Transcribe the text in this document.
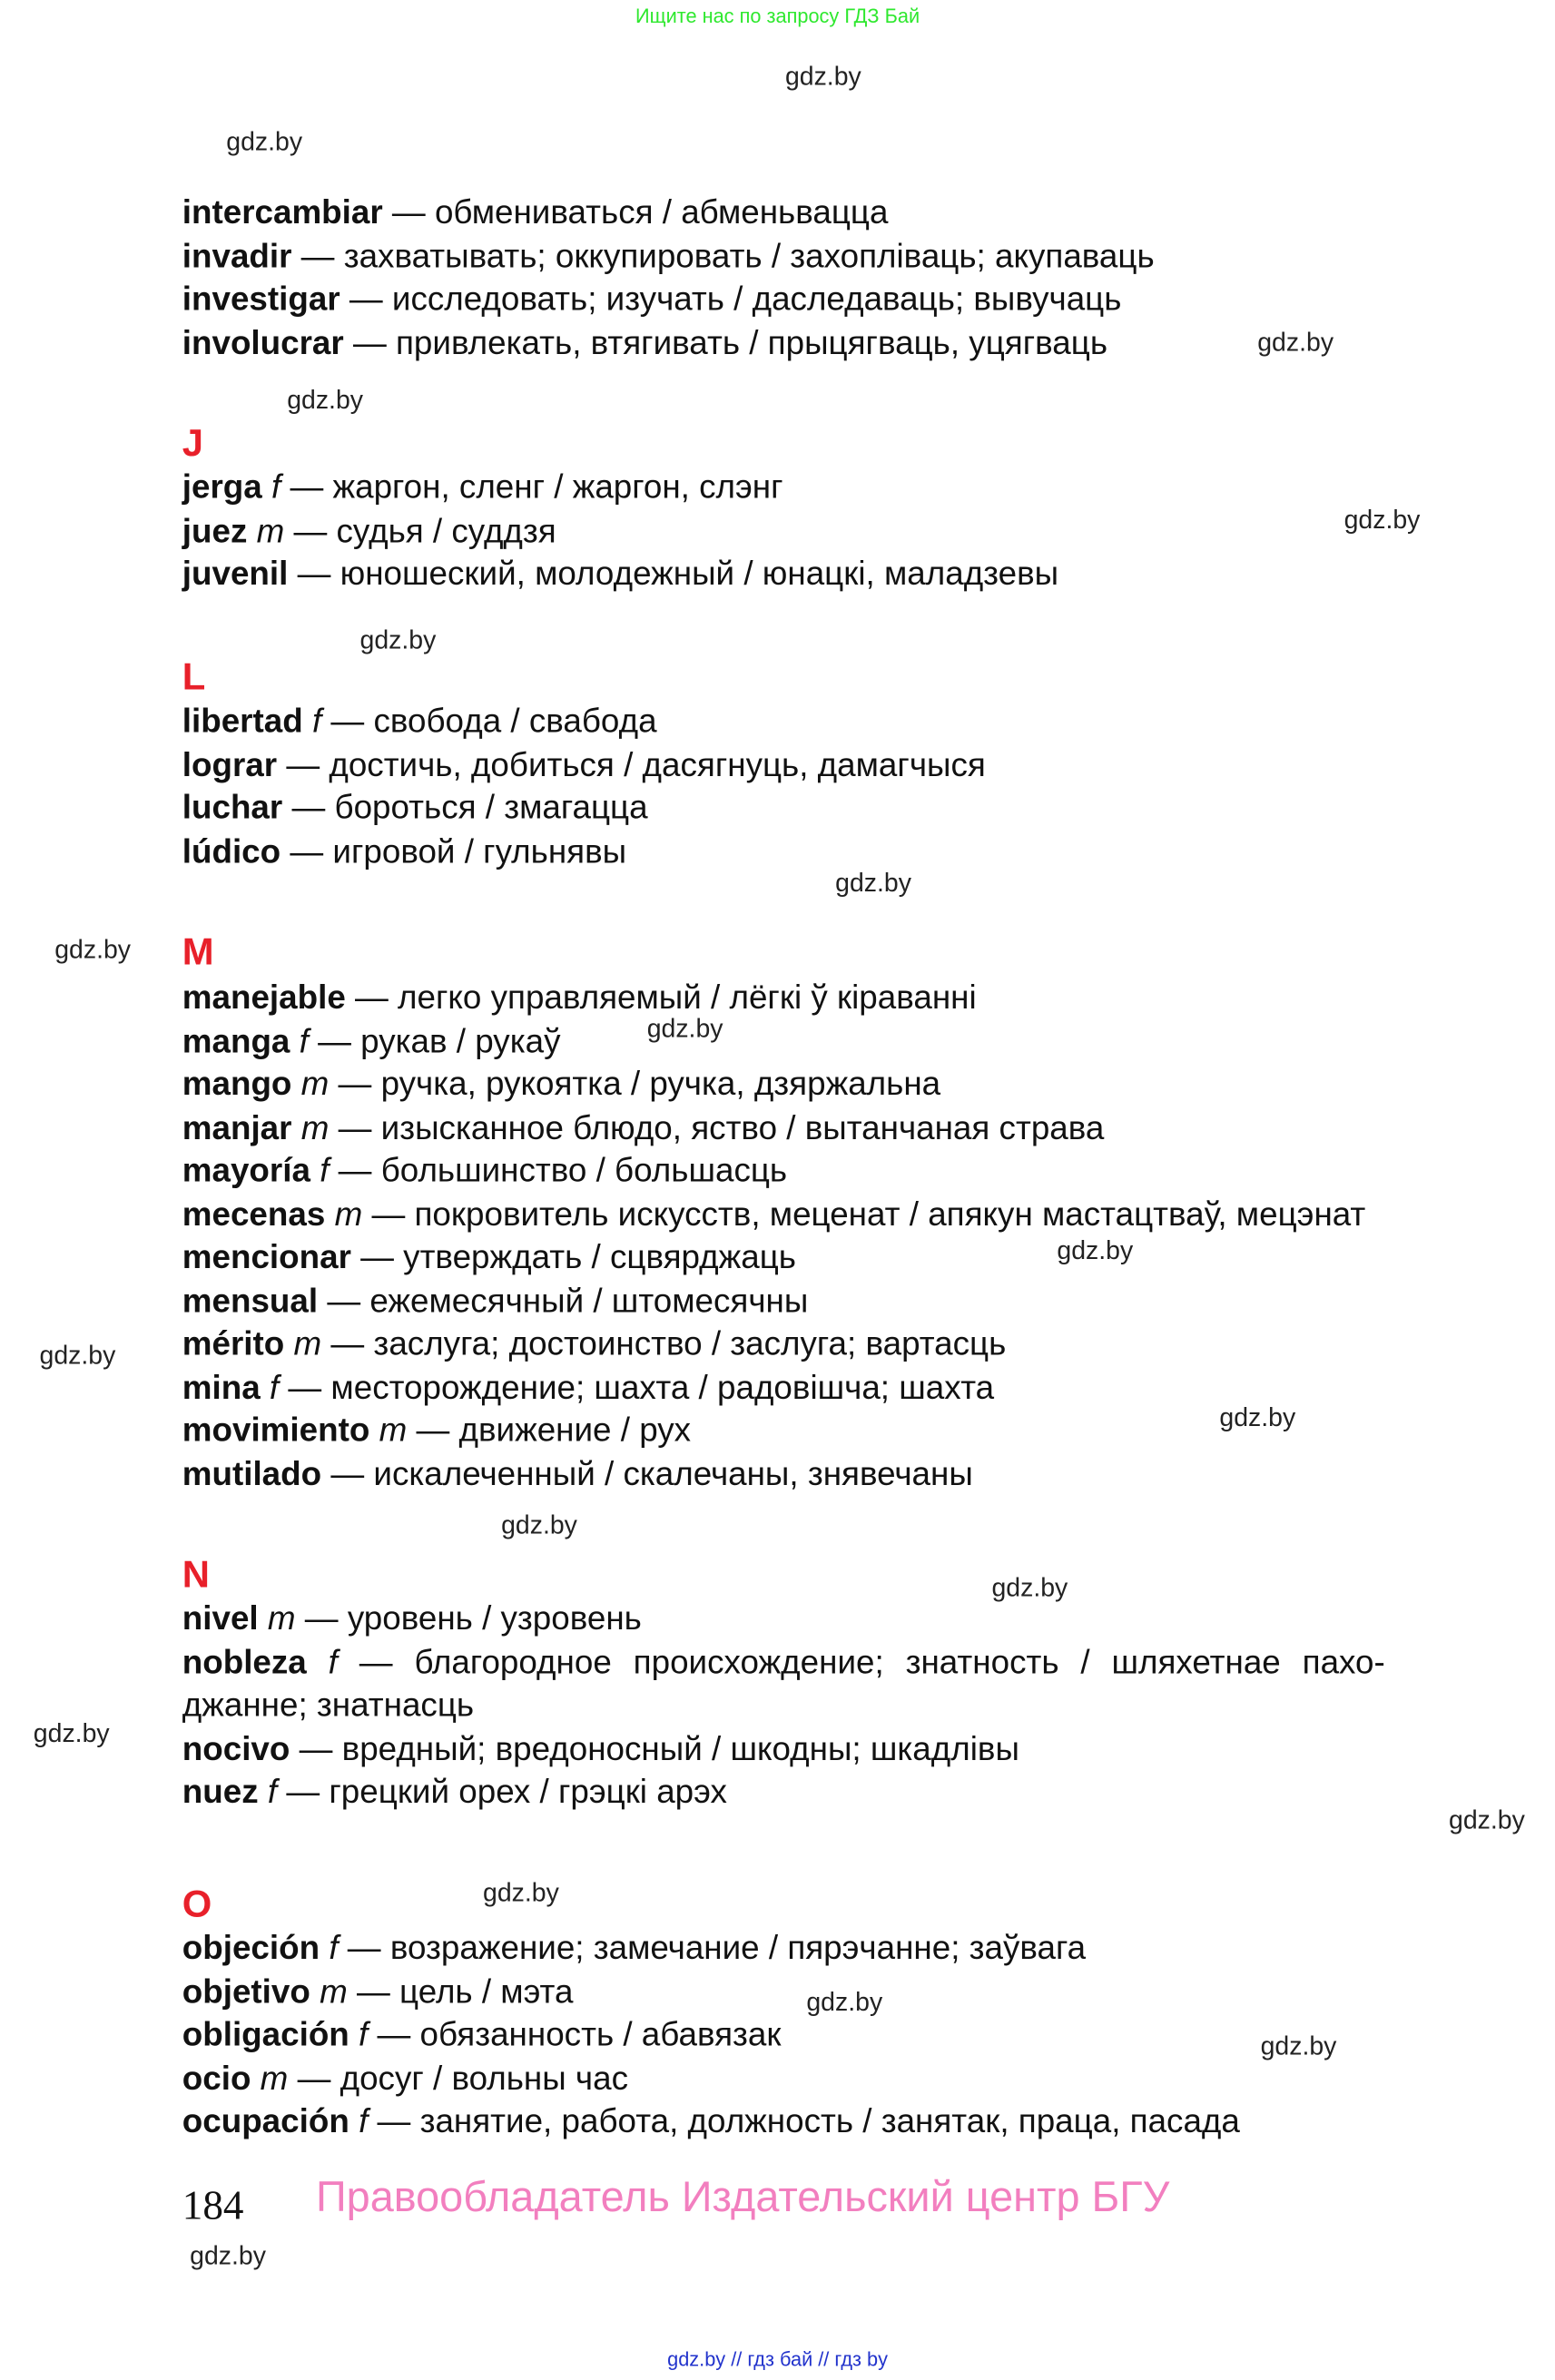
Ищите нас по запросу ГДЗ Бай
gdz.by
gdz.by
gdz.by
gdz.by
gdz.by
gdz.by
gdz.by
gdz.by
gdz.by
gdz.by
gdz.by
gdz.by
gdz.by
gdz.by
gdz.by
gdz.by
gdz.by
gdz.by
gdz.by
gdz.by
intercambiar — обмениваться / абменьвацца
invadir — захватывать; оккупировать / захопліваць; акупаваць
investigar — исследовать; изучать / даследаваць; вывучаць
involucrar — привлекать, втягивать / прыцягваць, уцягваць
J
jerga f — жаргон, сленг / жаргон, слэнг
juez m — судья / суддзя
juvenil — юношеский, молодежный / юнацкі, маладзевы
L
libertad f — свобода / свабода
lograr — достичь, добиться / дасягнуць, дамагчыся
luchar — бороться / змагацца
lúdico — игровой / гульнявы
M
manejable — легко управляемый / лёгкі ў кіраванні
manga f — рукав / рукаў
mango m — ручка, рукоятка / ручка, дзяржальна
manjar m — изысканное блюдо, яство / вытанчаная страва
mayoría f — большинство / большасць
mecenas m — покровитель искусств, меценат / апякун мастацтваў, мецэнат
mencionar — утверждать / сцвярджаць
mensual — ежемесячный / штомесячны
mérito m — заслуга; достоинство / заслуга; вартасць
mina f — месторождение; шахта / радовішча; шахта
movimiento m — движение / рух
mutilado — искалеченный / скалечаны, знявечаны
N
nivel m — уровень / узровень
nobleza f — благородное происхождение; знатность / шляхетнае пахо-
джанне; знатнасць
nocivo — вредный; вредоносный / шкодны; шкадлівы
nuez f — грецкий орех / грэцкі арэх
O
objeción f — возражение; замечание / пярэчанне; заўвага
objetivo m — цель / мэта
obligación f — обязанность / абавязак
ocio m — досуг / вольны час
ocupación f — занятие, работа, должность / занятак, праца, пасада
184	Правообладатель Издательский центр БГУ
gdz.by // гдз бай // гдз by
